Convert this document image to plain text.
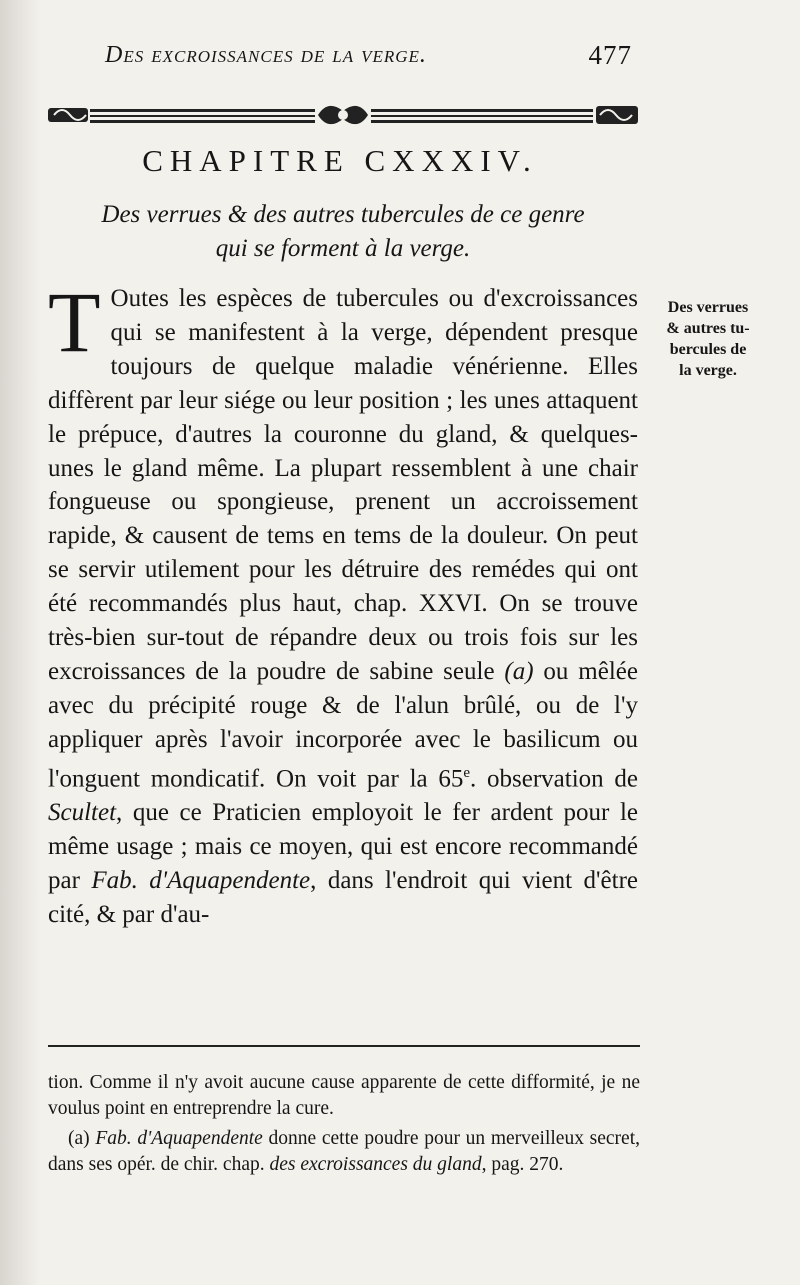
Des excroissances de la verge.	477
CHAPITRE CXXXIV.
Des verrues & des autres tubercules de ce genre
qui se forment à la verge.
T Outes les espèces de tubercules ou d'excroissances qui se manifestent à la verge, dépendent presque toujours de quelque maladie vénérienne. Elles diffèrent par leur siége ou leur position ; les unes attaquent le prépuce, d'autres la couronne du gland, & quelques-unes le gland même. La plupart ressemblent à une chair fongueuse ou spongieuse, prenent un accroissement rapide, & causent de tems en tems de la douleur. On peut se servir utilement pour les détruire des remédes qui ont été recommandés plus haut, chap. XXVI. On se trouve très-bien sur-tout de répandre deux ou trois fois sur les excroissances de la poudre de sabine seule (a) ou mêlée avec du précipité rouge & de l'alun brûlé, ou de l'y appliquer après l'avoir incorporée avec le basilicum ou l'onguent mondicatif. On voit par la 65e. observation de Scultet, que ce Praticien employoit le fer ardent pour le même usage ; mais ce moyen, qui est encore recommandé par Fab. d'Aquapendente, dans l'endroit qui vient d'être cité, & par d'au-
Des verrues
& autres tu-
bercules de
la verge.

tion. Comme il n'y avoit aucune cause apparente de cette difformité, je ne voulus point en entreprendre la cure.

(a) Fab. d'Aquapendente donne cette poudre pour un merveilleux secret, dans ses opér. de chir. chap. des excroissances du gland, pag. 270.
